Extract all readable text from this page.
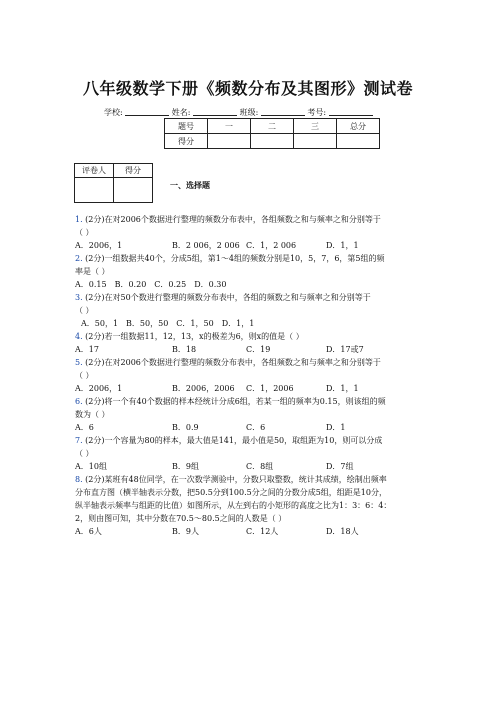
八年级数学下册《频数分布及其图形》测试卷
学校:	姓名:	班级:	考号:
题号	一	二	三	总分
得分				
评卷人	得分

一、选择题
1. (2分)在对2006个数据进行整理的频数分布表中，各组频数之和与频率之和分别等于
（ ）
A．2006，1	B．2 006，2 006 C．1，2 006	D．1，1
2. (2分)一组数据共40个，分成5组，第1～4组的频数分别是10，5，7，6，第5组的频
率是（ ）
A．0.15 B．0.20 C．0.25 D．0.30
3. (2分)在对50个数进行整理的频数分布表中，各组的频数之和与频率之和分别等于
（ ）
A．50，1 B．50，50 C．1，50 D．1，1
4. (2分)若一组数据11，12，13，x的极差为6，则x的值是（ ）
A．17	B．18	C．19	D．17或7
5. (2分)在对2006个数据进行整理的频数分布表中，各组频数之和与频率之和分别等于
（ ）
A．2006，1	B．2006，2006 C．1，2006	D．1，1
6. (2分)将一个有40个数据的样本经统计分成6组，若某一组的频率为0.15，则该组的频
数为（ ）
A．6	B．0.9	C．6	D．1
7. (2分)一个容量为80的样本，最大值是141，最小值是50，取组距为10，则可以分成
（ ）
A．10组	B．9组	C．8组	D．7组
8. (2分)某班有48位同学，在一次数学测验中，分数只取整数，统计其成绩，绘制出频率
分布直方图（横半轴表示分数，把50.5分到100.5分之间的分数分成5组，组距是10分，
纵半轴表示频率与组距的比值）如图所示，从左到右的小矩形的高度之比为1：3：6：4：
2，则由图可知，其中分数在70.5～80.5之间的人数是（ ）
A．6人	B．9人	C．12人	D．18人
